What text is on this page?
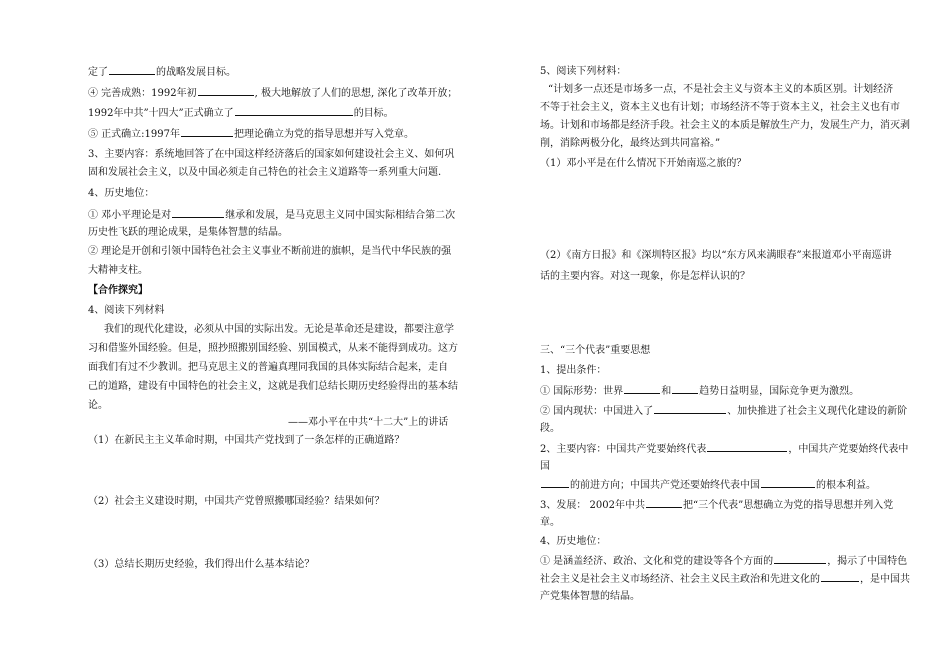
定了	的战略发展目标。
④ 完善成熟：1992年初	, 极大地解放了人们的思想, 深化了改革开放；
1992年中共”十四大”正式确立了	的目标。
⑤ 正式确立:1997年	把理论确立为党的指导思想并写入党章。
3、主要内容：系统地回答了在中国这样经济落后的国家如何建设社会主义、如何巩
固和发展社会主义，以及中国必须走自己特色的社会主义道路等一系列重大问题.
4、历史地位：
① 邓小平理论是对	继承和发展，是马克思主义同中国实际相结合第二次
历史性飞跃的理论成果，是集体智慧的结晶。
② 理论是开创和引领中国特色社会主义事业不断前进的旗帜，是当代中华民族的强
大精神支柱。
【合作探究】
4、阅读下列材料
我们的现代化建设，必须从中国的实际出发。无论是革命还是建设，都要注意学
习和借鉴外国经验。但是，照抄照搬别国经验、别国模式，从来不能得到成功。这方
面我们有过不少教训。把马克思主义的普遍真理同我国的具体实际结合起来，走自
己的道路，建设有中国特色的社会主义，这就是我们总结长期历史经验得出的基本结
论。
——邓小平在中共“十二大”上的讲话
（1）在新民主主义革命时期，中国共产党找到了一条怎样的正确道路？
（2）社会主义建设时期，中国共产党曾照搬哪国经验？结果如何？
（3）总结长期历史经验，我们得出什么基本结论？
5、阅读下列材料：
“计划多一点还是市场多一点，不是社会主义与资本主义的本质区别。计划经济
不等于社会主义，资本主义也有计划；市场经济不等于资本主义，社会主义也有市
场。计划和市场都是经济手段。社会主义的本质是解放生产力，发展生产力，消灭剥
削，消除两极分化，最终达到共同富裕。”
（1）邓小平是在什么情况下开始南巡之旅的？
（2）《南方日报》和《深圳特区报》均以“东方风来满眼春”来报道邓小平南巡讲
话的主要内容。对这一现象，你是怎样认识的？
三、“三个代表”重要思想
1、提出条件：
① 国际形势：世界	和	趋势日益明显，国际竞争更为激烈。
② 国内现状：中国进入了	、加快推进了社会主义现代化建设的新阶
段。
2、主要内容：中国共产党要始终代表	，中国共产党要始终代表中
国
的前进方向；中国共产党还要始终代表中国	的根本利益。
3、发展： 2002年中共	把“三个代表”思想确立为党的指导思想并列入党
章。
4、历史地位：
① 是涵盖经济、政治、文化和党的建设等各个方面的	，揭示了中国特色
社会主义是社会主义市场经济、社会主义民主政治和先进文化的	，是中国共
产党集体智慧的结晶。
